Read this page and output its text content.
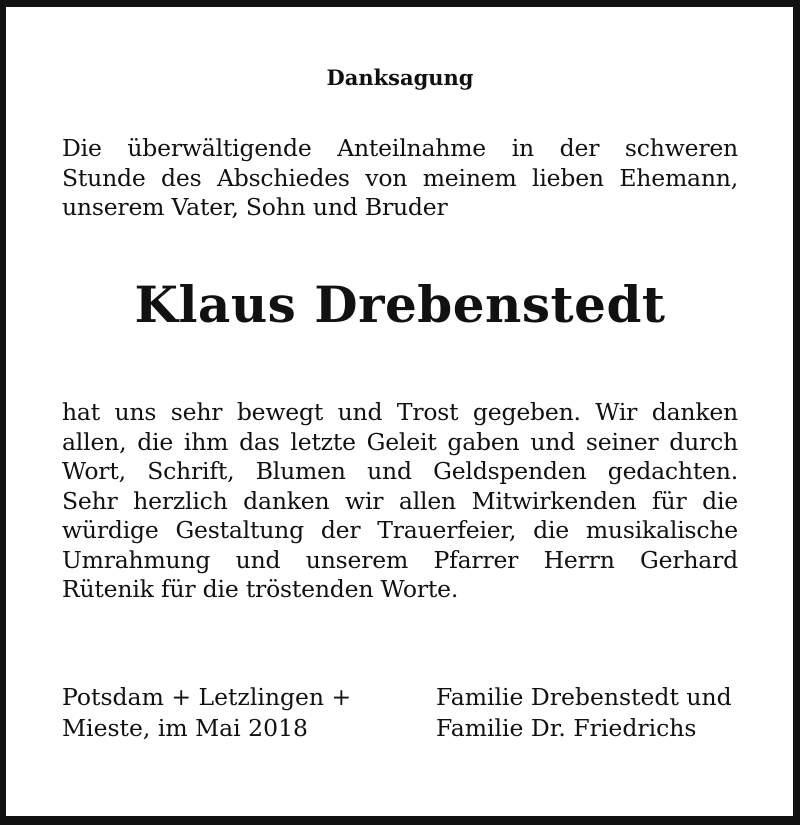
Danksagung
Die überwältigende Anteilnahme in der schweren
Stunde des Abschiedes von meinem lieben Ehemann,
unserem Vater, Sohn und Bruder
Klaus Drebenstedt
hat uns sehr bewegt und Trost gegeben. Wir danken
allen, die ihm das letzte Geleit gaben und seiner durch
Wort, Schrift, Blumen und Geldspenden gedachten.
Sehr herzlich danken wir allen Mitwirkenden für die
würdige Gestaltung der Trauerfeier, die musikalische
Umrahmung und unserem Pfarrer Herrn Gerhard
Rütenik für die tröstenden Worte.
Potsdam + Letzlingen +
Mieste, im Mai 2018
Familie Drebenstedt und
Familie Dr. Friedrichs
